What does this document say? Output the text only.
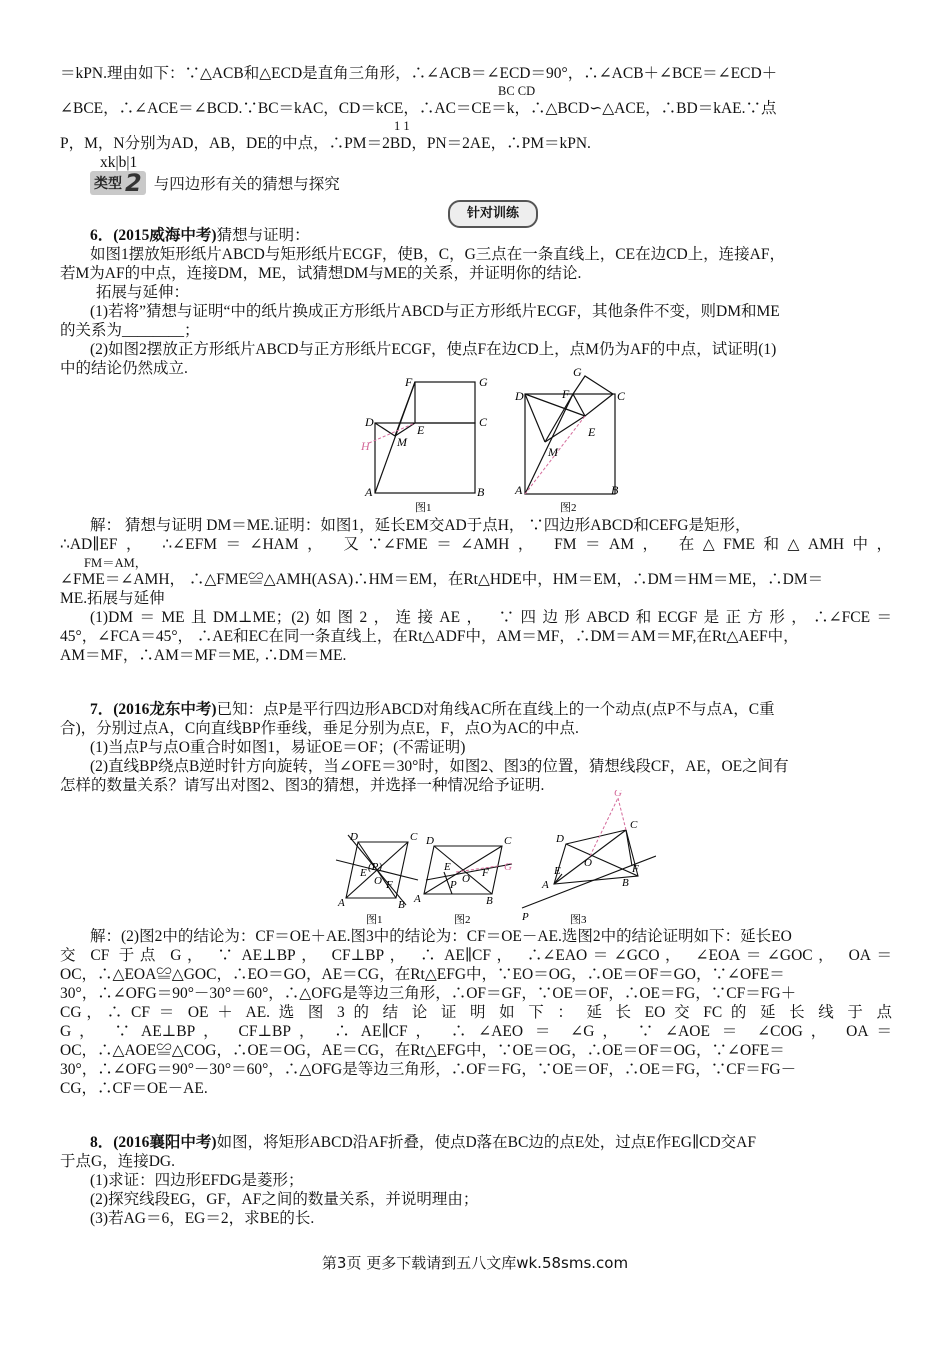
＝kPN.理由如下：∵△ACB和△ECD是直角三角形，∴∠ACB＝∠ECD＝90°，∴∠ACB＋∠BCE＝∠ECD＋
BC CD
∠BCE，∴∠ACE＝∠BCD.∵BC＝kAC，CD＝kCE，∴AC＝CE＝k，∴△BCD∽△ACE，∴BD＝kAE.∵点
1 1
P，M，N分别为AD，AB，DE的中点，∴PM＝2BD，PN＝2AE，∴PM＝kPN.
xk|b|1
类型 2 与四边形有关的猜想与探究
针对训练
6．(2015威海中考)猜想与证明：
如图1摆放矩形纸片ABCD与矩形纸片ECGF，使B，C，G三点在一条直线上，CE在边CD上，连接AF，
若M为AF的中点，连接DM，ME，试猜想DM与ME的关系，并证明你的结论.
拓展与延伸：
(1)若将”猜想与证明“中的纸片换成正方形纸片ABCD与正方形纸片ECGF，其他条件不变，则DM和ME
的关系为________；
(2)如图2摆放正方形纸片ABCD与正方形纸片ECGF，使点F在边CD上，点M仍为AF的中点，试证明(1)
中的结论仍然成立.
D
F	G
C
A	B
M
E
H
D	F
G
C
A	B
E
M
图1	图2
解： 猜想与证明 DM＝ME.证明：如图1，延长EM交AD于点H， ∵四边形ABCD和CEFG是矩形，
∴AD∥EF， ∴∠EFM＝∠HAM， 又∵∠FME＝∠AMH， FM＝AM， 在△FME和△AMH中，
FM＝AM，
∠FME＝∠AMH， ∴△FME≌△AMH(ASA)∴HM＝EM，在Rt△HDE中，HM＝EM，∴DM＝HM＝ME，∴DM＝
ME.拓展与延伸
(1)DM＝ME且DM⊥ME；(2)如图2，连接AE， ∵四边形ABCD和ECGF是正方形，∴∠FCE＝
45°，∠FCA＝45°， ∴AE和EC在同一条直线上，在Rt△ADF中，AM＝MF，∴DM＝AM＝MF,在Rt△AEF中，
AM＝MF，∴AM＝MF＝ME, ∴DM＝ME.
7．(2016龙东中考)已知：点P是平行四边形ABCD对角线AC所在直线上的一个动点(点P不与点A，C重
合)，分别过点A，C向直线BP作垂线，垂足分别为点E，F，点O为AC的中点.
(1)当点P与点O重合时如图1，易证OE＝OF；(不需证明)
(2)直线BP绕点B逆时针方向旋转，当∠OFE＝30°时，如图2、图3的位置，猜想线段CF，AE，OE之间有
怎样的数量关系？请写出对图2、图3的猜想，并选择一种情况给予证明.
D	C
A	B
(P)
E
F
O
D	C
A	B
E
O
P
F G
G
D
C
A	B
O	F
E
P
图1	图2	图3
解：(2)图2中的结论为：CF＝OE＋AE.图3中的结论为：CF＝OE－AE.选图2中的结论证明如下：延长EO
交 CF 于点 G， ∵ AE⊥BP， CF⊥BP， ∴ AE∥CF， ∴∠EAO＝∠GCO， ∠EOA＝∠GOC， OA＝
OC，∴△EOA≌△GOC，∴EO＝GO，AE＝CG，在Rt△EFG中，∵EO＝OG，∴OE＝OF＝GO，∵∠OFE＝
30°，∴∠OFG＝90°－30°＝60°，∴△OFG是等边三角形，∴OF＝GF，∵OE＝OF，∴OE＝FG，∵CF＝FG＋
CG，∴ CF ＝ OE ＋ AE. 选 图 3 的 结 论 证 明 如 下 ： 延 长 EO 交 FC 的 延 长 线 于 点
G， ∵ AE⊥BP， CF⊥BP， ∴ AE∥CF， ∴ ∠AEO ＝ ∠G， ∵ ∠AOE ＝ ∠COG， OA＝
OC，∴△AOE≌△COG，∴OE＝OG，AE＝CG，在Rt△EFG中，∵OE＝OG，∴OE＝OF＝OG，∵∠OFE＝
30°，∴∠OFG＝90°－30°＝60°，∴△OFG是等边三角形，∴OF＝FG，∵OE＝OF，∴OE＝FG，∵CF＝FG－
CG，∴CF＝OE－AE.
8．(2016襄阳中考)如图，将矩形ABCD沿AF折叠，使点D落在BC边的点E处，过点E作EG∥CD交AF
于点G，连接DG.
(1)求证：四边形EFDG是菱形；
(2)探究线段EG，GF，AF之间的数量关系，并说明理由；
(3)若AG＝6，EG＝2，求BE的长.
第3页 更多下载请到五八文库wk.58sms.com
